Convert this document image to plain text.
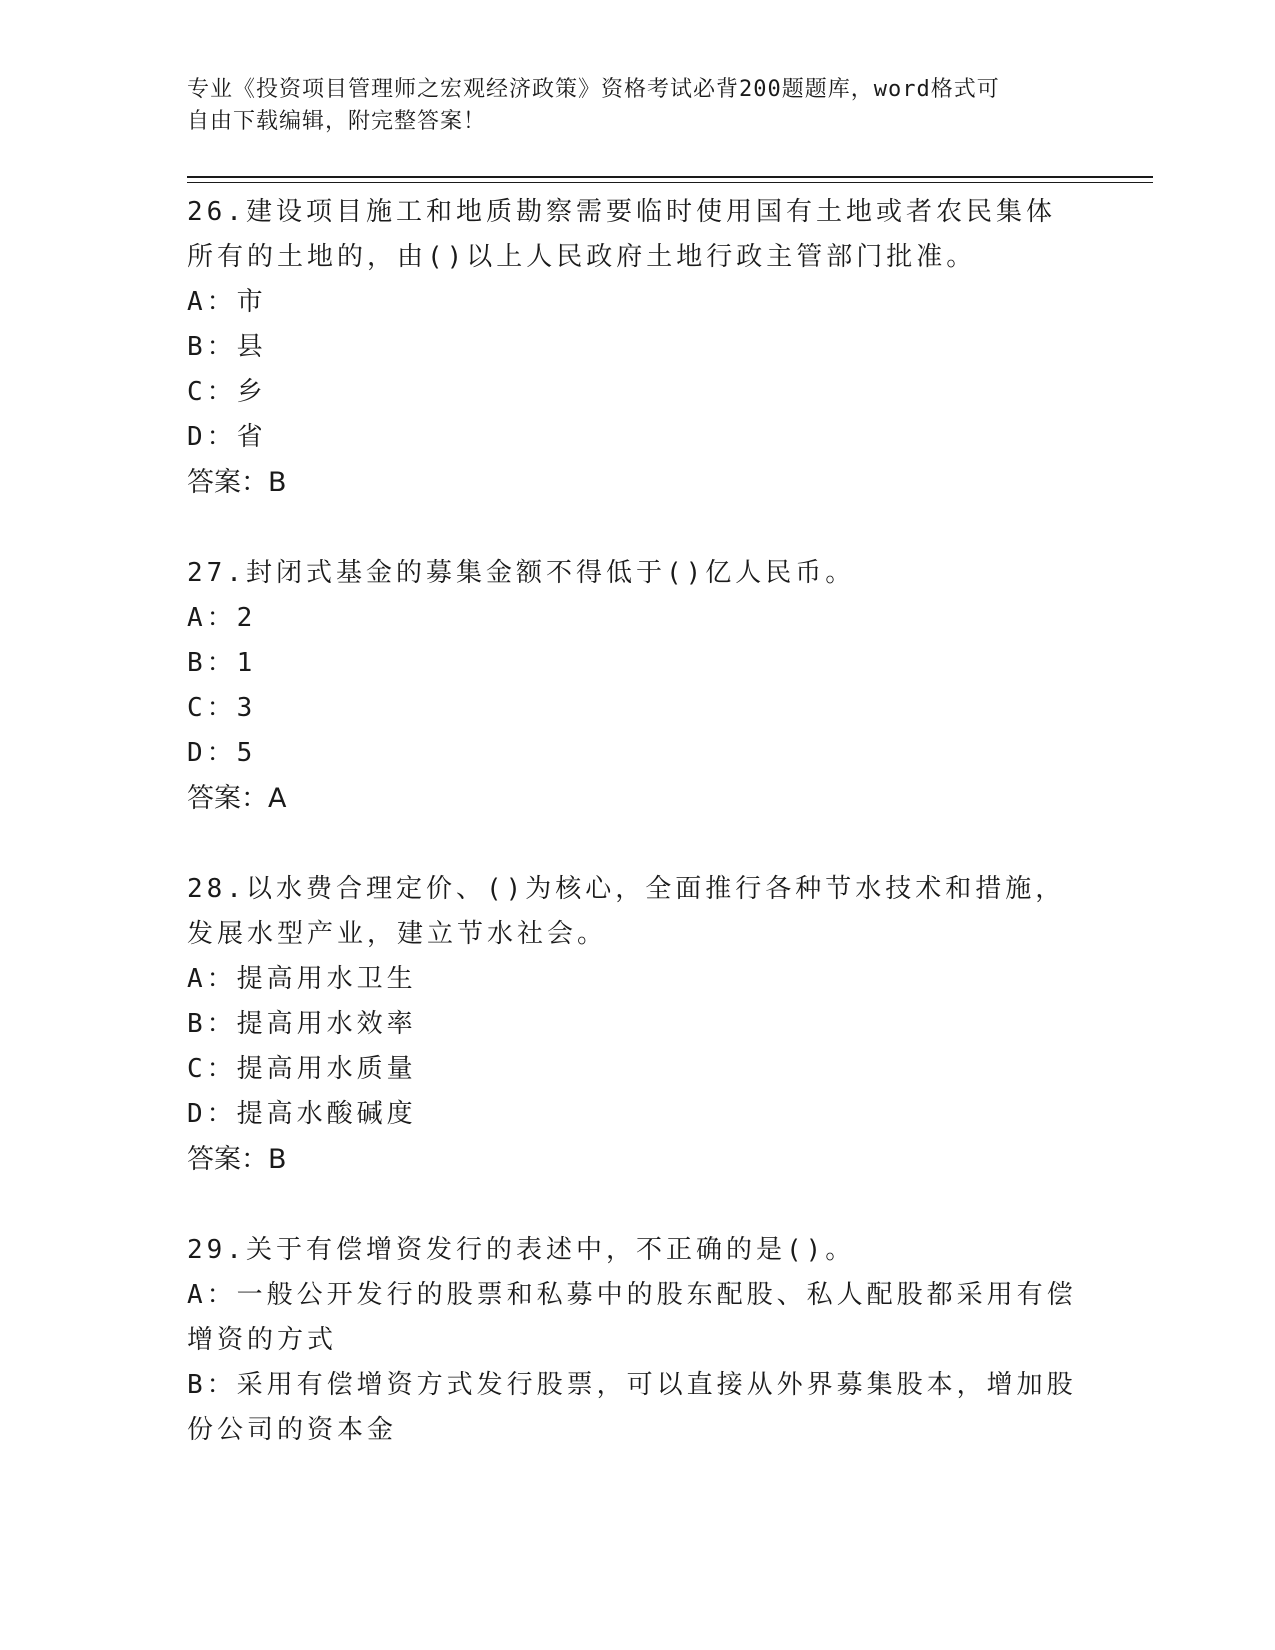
专业《投资项目管理师之宏观经济政策》资格考试必背200题题库，word格式可
自由下载编辑，附完整答案！

26.建设项目施工和地质勘察需要临时使用国有土地或者农民集体所有的土地的，由()以上人民政府土地行政主管部门批准。

A：市

B：县

C：乡

D：省

答案：B

27.封闭式基金的募集金额不得低于()亿人民币。

A：2

B：1

C：3

D：5

答案：A

28.以水费合理定价、()为核心，全面推行各种节水技术和措施，发展水型产业，建立节水社会。

A：提高用水卫生

B：提高用水效率

C：提高用水质量

D：提高水酸碱度

答案：B

29.关于有偿增资发行的表述中，不正确的是()。

A：一般公开发行的股票和私募中的股东配股、私人配股都采用有偿增资的方式

B：采用有偿增资方式发行股票，可以直接从外界募集股本，增加股份公司的资本金
